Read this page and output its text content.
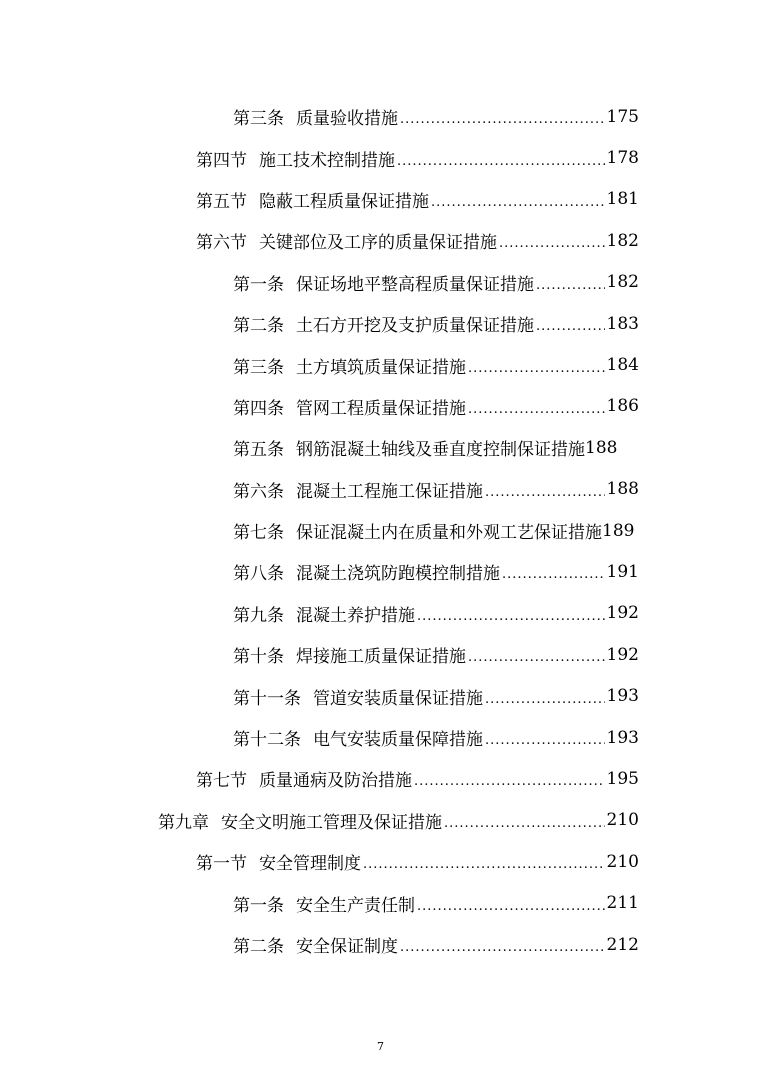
第三条 质量验收措施 .....	175
第四节 施工技术控制措施 .....	178
第五节 隐蔽工程质量保证措施 .....	181
第六节 关键部位及工序的质量保证措施 .....	182
第一条 保证场地平整高程质量保证措施 .....	182
第二条 土石方开挖及支护质量保证措施 .....	183
第三条 土方填筑质量保证措施 .....	184
第四条 管网工程质量保证措施 .....	186
第五条 钢筋混凝土轴线及垂直度控制保证措施 188
第六条 混凝土工程施工保证措施 .....	188
第七条 保证混凝土内在质量和外观工艺保证措施 189
第八条 混凝土浇筑防跑模控制措施 .....	191
第九条 混凝土养护措施 .....	192
第十条 焊接施工质量保证措施 .....	192
第十一条 管道安装质量保证措施 .....	193
第十二条 电气安装质量保障措施 .....	193
第七节 质量通病及防治措施 .....	195
第九章 安全文明施工管理及保证措施 .....	210
第一节 安全管理制度 .....	210
第一条 安全生产责任制 .....	211
第二条 安全保证制度 .....	212
7
